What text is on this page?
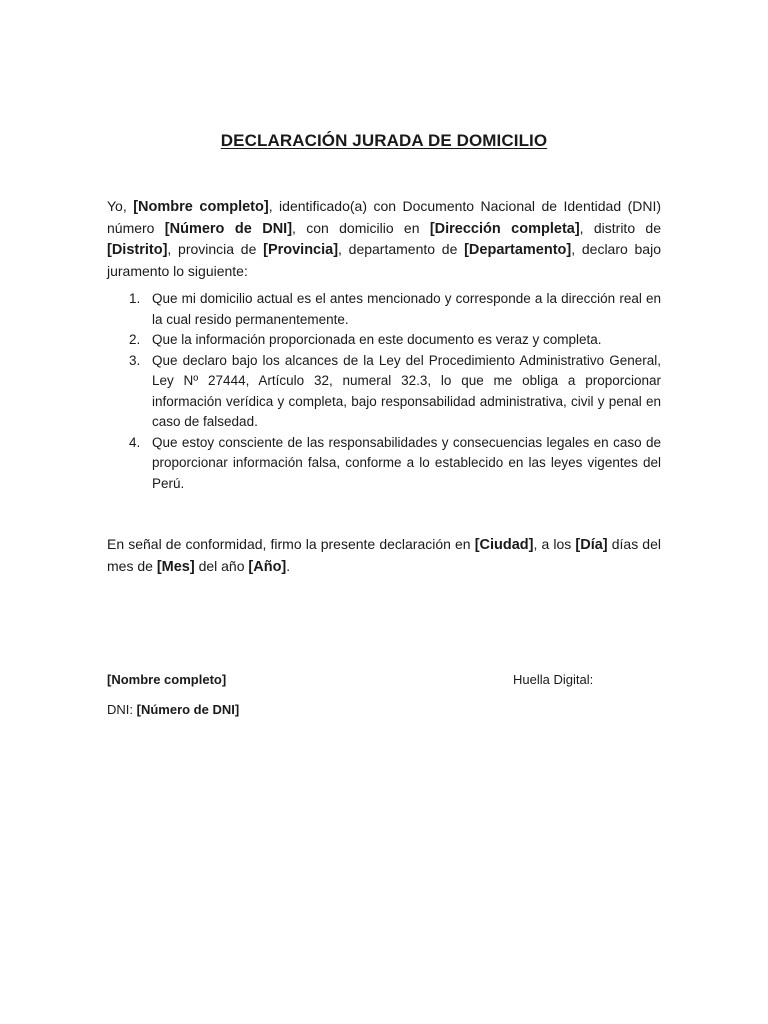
DECLARACIÓN JURADA DE DOMICILIO

Yo, [Nombre completo], identificado(a) con Documento Nacional de Identidad (DNI) número [Número de DNI], con domicilio en [Dirección completa], distrito de [Distrito], provincia de [Provincia], departamento de [Departamento], declaro bajo juramento lo siguiente:

1. Que mi domicilio actual es el antes mencionado y corresponde a la dirección real en la cual resido permanentemente.
2. Que la información proporcionada en este documento es veraz y completa.
3. Que declaro bajo los alcances de la Ley del Procedimiento Administrativo General, Ley Nº 27444, Artículo 32, numeral 32.3, lo que me obliga a proporcionar información verídica y completa, bajo responsabilidad administrativa, civil y penal en caso de falsedad.
4. Que estoy consciente de las responsabilidades y consecuencias legales en caso de proporcionar información falsa, conforme a lo establecido en las leyes vigentes del Perú.

En señal de conformidad, firmo la presente declaración en [Ciudad], a los [Día] días del mes de [Mes] del año [Año].

[Nombre completo]	Huella Digital:
DNI: [Número de DNI]
